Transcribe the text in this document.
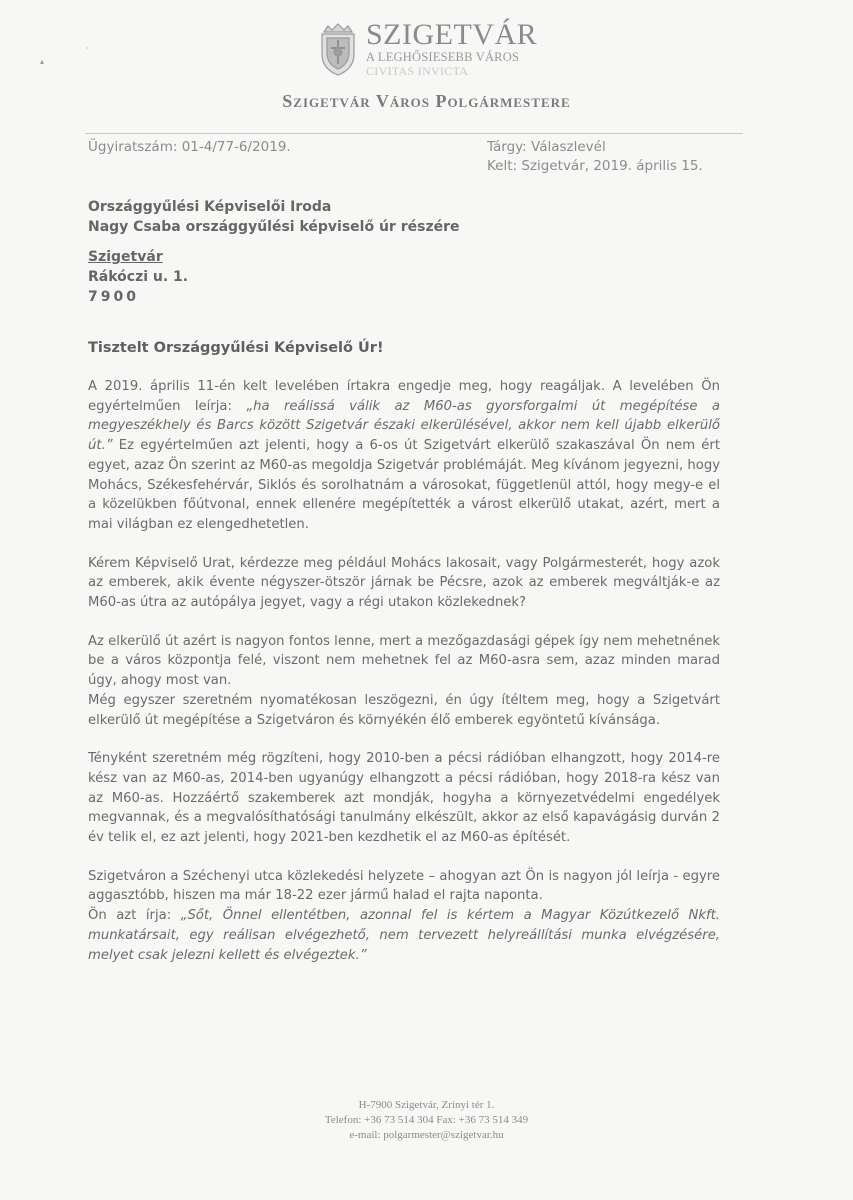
▴
·	SZIGETVÁR
A LEGHŐSIESEBB VÁROS
CIVITAS INVICTA
Szigetvár Város Polgármestere
Ügyiratszám: 01-4/77-6/2019.	Tárgy: Válaszlevél
Kelt: Szigetvár, 2019. április 15.
Országgyűlési Képviselői Iroda
Nagy Csaba országgyűlési képviselő úr részére
Szigetvár
Rákóczi u. 1.
7900
Tisztelt Országgyűlési Képviselő Úr!

A 2019. április 11-én kelt levelében írtakra engedje meg, hogy reagáljak. A levelében Ön egyértelműen leírja: „ha reálissá válik az M60-as gyorsforgalmi út megépítése a megyeszékhely és Barcs között Szigetvár északi elkerülésével, akkor nem kell újabb elkerülő út.” Ez egyértelműen azt jelenti, hogy a 6-os út Szigetvárt elkerülő szakaszával Ön nem ért egyet, azaz Ön szerint az M60-as megoldja Szigetvár problémáját. Meg kívánom jegyezni, hogy Mohács, Székesfehérvár, Siklós és sorolhatnám a városokat, függetlenül attól, hogy megy-e el a közelükben főútvonal, ennek ellenére megépítették a várost elkerülő utakat, azért, mert a mai világban ez elengedhetetlen.

Kérem Képviselő Urat, kérdezze meg például Mohács lakosait, vagy Polgármesterét, hogy azok az emberek, akik évente négyszer-ötször járnak be Pécsre, azok az emberek megváltják-e az M60-as útra az autópálya jegyet, vagy a régi utakon közlekednek?

Az elkerülő út azért is nagyon fontos lenne, mert a mezőgazdasági gépek így nem mehetnének be a város központja felé, viszont nem mehetnek fel az M60-asra sem, azaz minden marad úgy, ahogy most van.

Még egyszer szeretném nyomatékosan leszögezni, én úgy ítéltem meg, hogy a Szigetvárt elkerülő út megépítése a Szigetváron és környékén élő emberek egyöntetű kívánsága.

Tényként szeretném még rögzíteni, hogy 2010-ben a pécsi rádióban elhangzott, hogy 2014-re kész van az M60-as, 2014-ben ugyanúgy elhangzott a pécsi rádióban, hogy 2018-ra kész van az M60-as. Hozzáértő szakemberek azt mondják, hogyha a környezetvédelmi engedélyek megvannak, és a megvalósíthatósági tanulmány elkészült, akkor az első kapavágásig durván 2 év telik el, ez azt jelenti, hogy 2021-ben kezdhetik el az M60-as építését.

Szigetváron a Széchenyi utca közlekedési helyzete – ahogyan azt Ön is nagyon jól leírja - egyre aggasztóbb, hiszen ma már 18-22 ezer jármű halad el rajta naponta.

Ön azt írja: „Sőt, Önnel ellentétben, azonnal fel is kértem a Magyar Közútkezelő Nkft. munkatársait, egy reálisan elvégezhető, nem tervezett helyreállítási munka elvégzésére, melyet csak jelezni kellett és elvégeztek.”

H-7900 Szigetvár, Zrínyi tér 1.
Telefon: +36 73 514 304 Fax: +36 73 514 349
e-mail: polgarmester@szigetvar.hu
